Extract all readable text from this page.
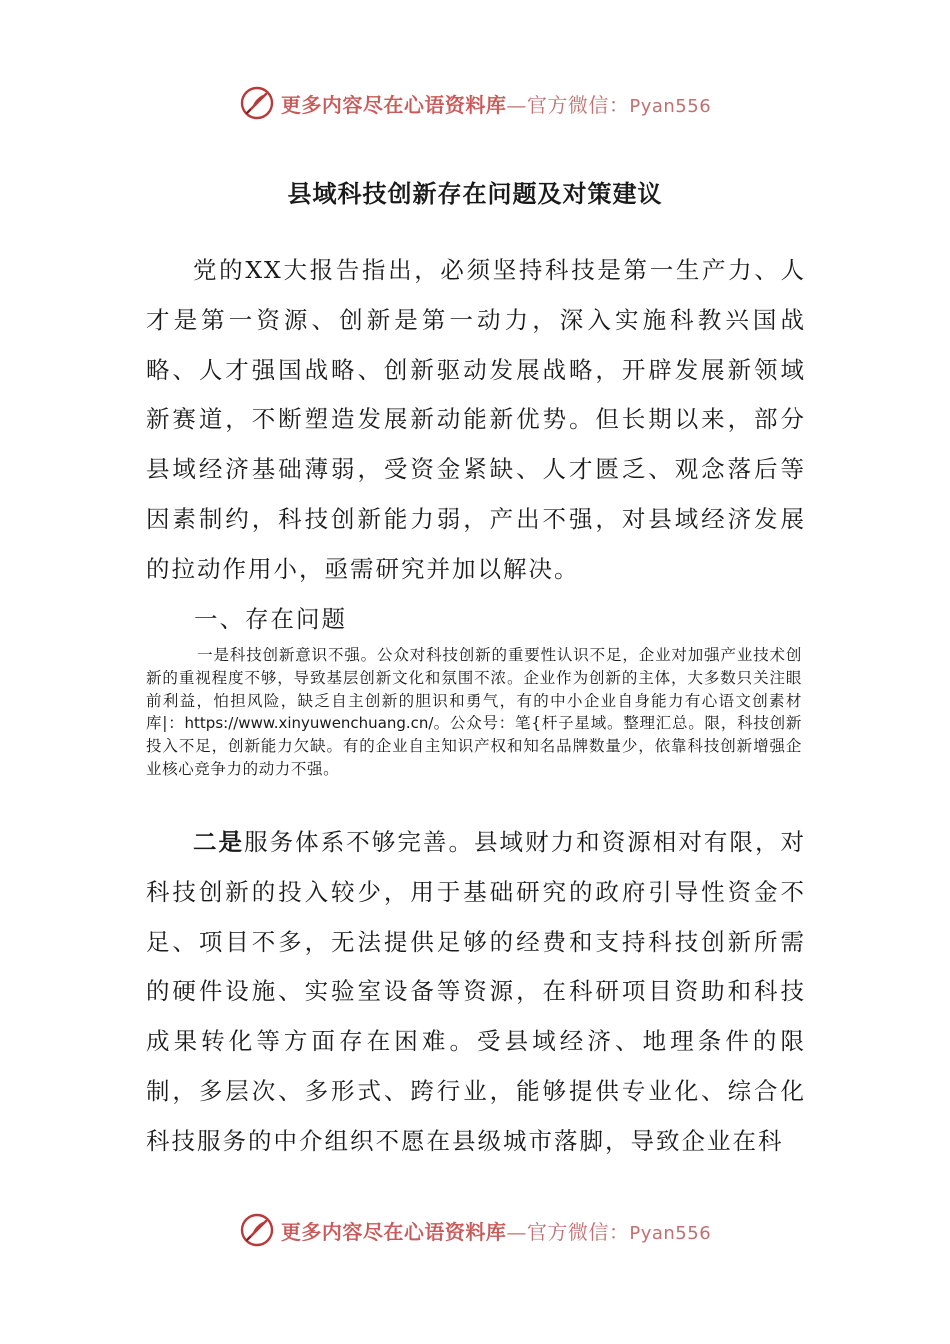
更多内容尽在心语资料库—官方微信：Pyan556
县域科技创新存在问题及对策建议

党的XX大报告指出，必须坚持科技是第一生产力、人才是第一资源、创新是第一动力，深入实施科教兴国战略、人才强国战略、创新驱动发展战略，开辟发展新领域新赛道，不断塑造发展新动能新优势。但长期以来，部分县域经济基础薄弱，受资金紧缺、人才匮乏、观念落后等因素制约，科技创新能力弱，产出不强，对县域经济发展的拉动作用小，亟需研究并加以解决。

一、存在问题

一是科技创新意识不强。公众对科技创新的重要性认识不足，企业对加强产业技术创新的重视程度不够，导致基层创新文化和氛围不浓。企业作为创新的主体，大多数只关注眼前利益，怕担风险，缺乏自主创新的胆识和勇气，有的中小企业自身能力有心语文创素材库|：https://www.xinyuwenchuang.cn/。公众号：笔{杆子星域。整理汇总。限，科技创新投入不足，创新能力欠缺。有的企业自主知识产权和知名品牌数量少，依靠科技创新增强企业核心竞争力的动力不强。

二是服务体系不够完善。县域财力和资源相对有限，对科技创新的投入较少，用于基础研究的政府引导性资金不足、项目不多，无法提供足够的经费和支持科技创新所需的硬件设施、实验室设备等资源，在科研项目资助和科技成果转化等方面存在困难。受县域经济、地理条件的限制，多层次、多形式、跨行业，能够提供专业化、综合化科技服务的中介组织不愿在县级城市落脚，导致企业在科

更多内容尽在心语资料库—官方微信：Pyan556
